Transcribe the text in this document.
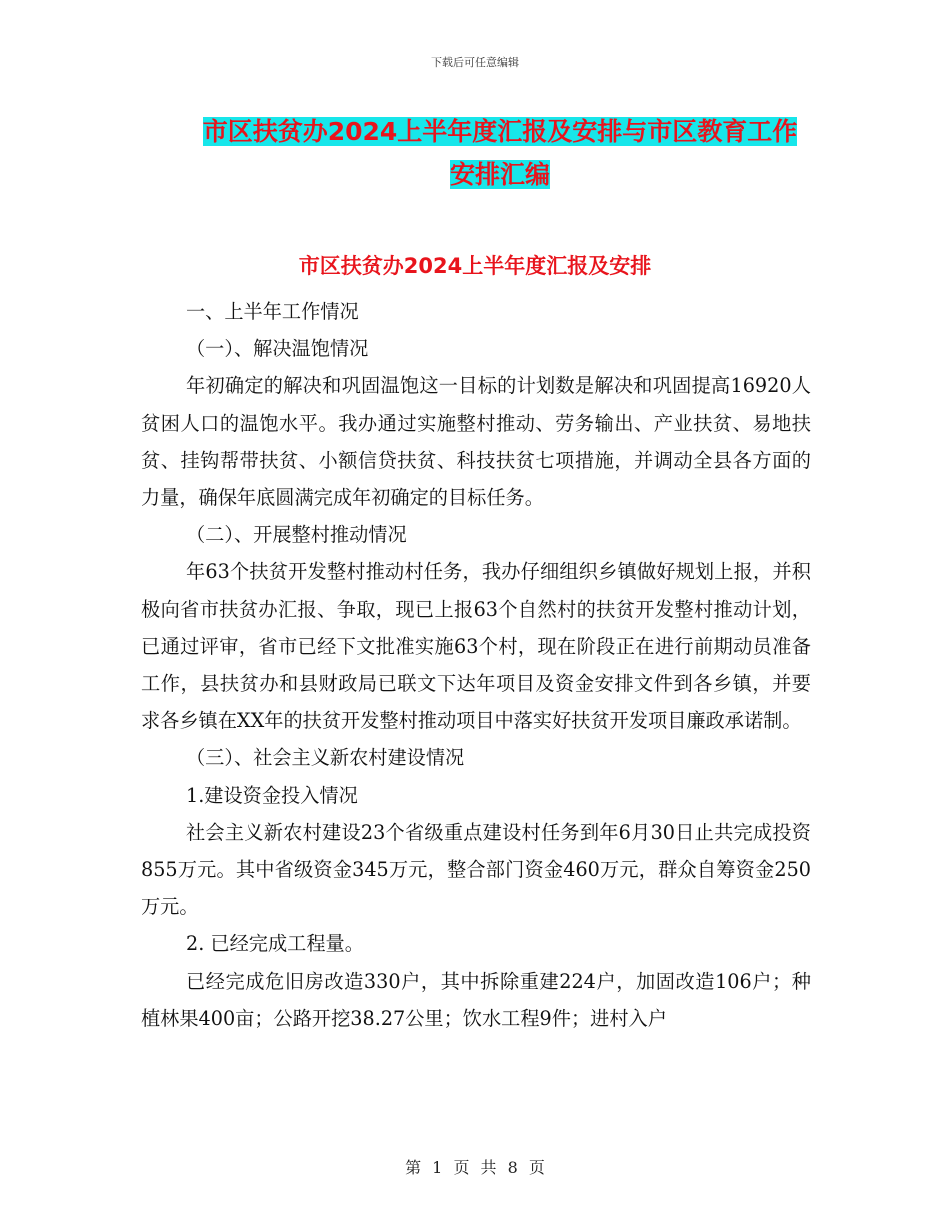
下载后可任意编辑
市区扶贫办2024上半年度汇报及安排与市区教育工作
安排汇编
市区扶贫办2024上半年度汇报及安排

一、上半年工作情况

（一）、解决温饱情况

年初确定的解决和巩固温饱这一目标的计划数是解决和巩固提高16920人贫困人口的温饱水平。我办通过实施整村推动、劳务输出、产业扶贫、易地扶贫、挂钩帮带扶贫、小额信贷扶贫、科技扶贫七项措施，并调动全县各方面的力量，确保年底圆满完成年初确定的目标任务。

（二）、开展整村推动情况

年63个扶贫开发整村推动村任务，我办仔细组织乡镇做好规划上报，并积极向省市扶贫办汇报、争取，现已上报63个自然村的扶贫开发整村推动计划，已通过评审，省市已经下文批准实施63个村，现在阶段正在进行前期动员准备工作，县扶贫办和县财政局已联文下达年项目及资金安排文件到各乡镇，并要求各乡镇在XX年的扶贫开发整村推动项目中落实好扶贫开发项目廉政承诺制。

（三）、社会主义新农村建设情况

1.建设资金投入情况

社会主义新农村建设23个省级重点建设村任务到年6月30日止共完成投资855万元。其中省级资金345万元，整合部门资金460万元，群众自筹资金250万元。

2. 已经完成工程量。

已经完成危旧房改造330户，其中拆除重建224户，加固改造106户；种植林果400亩；公路开挖38.27公里；饮水工程9件；进村入户

第 1 页 共 8 页
